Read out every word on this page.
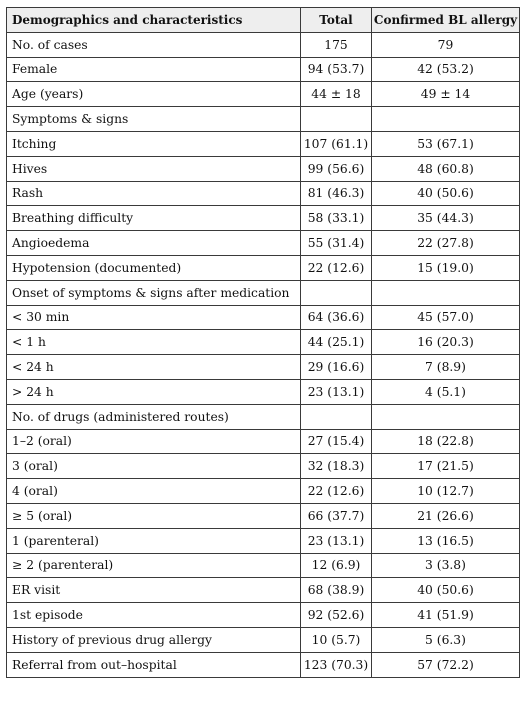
Demographics and characteristics	Total	Confirmed BL allergy
No. of cases	175	79
Female	94 (53.7)	42 (53.2)
Age (years)	44 ± 18	49 ± 14
Symptoms & signs		
Itching	107 (61.1)	53 (67.1)
Hives	99 (56.6)	48 (60.8)
Rash	81 (46.3)	40 (50.6)
Breathing difficulty	58 (33.1)	35 (44.3)
Angioedema	55 (31.4)	22 (27.8)
Hypotension (documented)	22 (12.6)	15 (19.0)
Onset of symptoms & signs after medication		
< 30 min	64 (36.6)	45 (57.0)
< 1 h	44 (25.1)	16 (20.3)
< 24 h	29 (16.6)	7 (8.9)
> 24 h	23 (13.1)	4 (5.1)
No. of drugs (administered routes)		
1–2 (oral)	27 (15.4)	18 (22.8)
3 (oral)	32 (18.3)	17 (21.5)
4 (oral)	22 (12.6)	10 (12.7)
≥ 5 (oral)	66 (37.7)	21 (26.6)
1 (parenteral)	23 (13.1)	13 (16.5)
≥ 2 (parenteral)	12 (6.9)	3 (3.8)
ER visit	68 (38.9)	40 (50.6)
1st episode	92 (52.6)	41 (51.9)
History of previous drug allergy	10 (5.7)	5 (6.3)
Referral from out–hospital	123 (70.3)	57 (72.2)
